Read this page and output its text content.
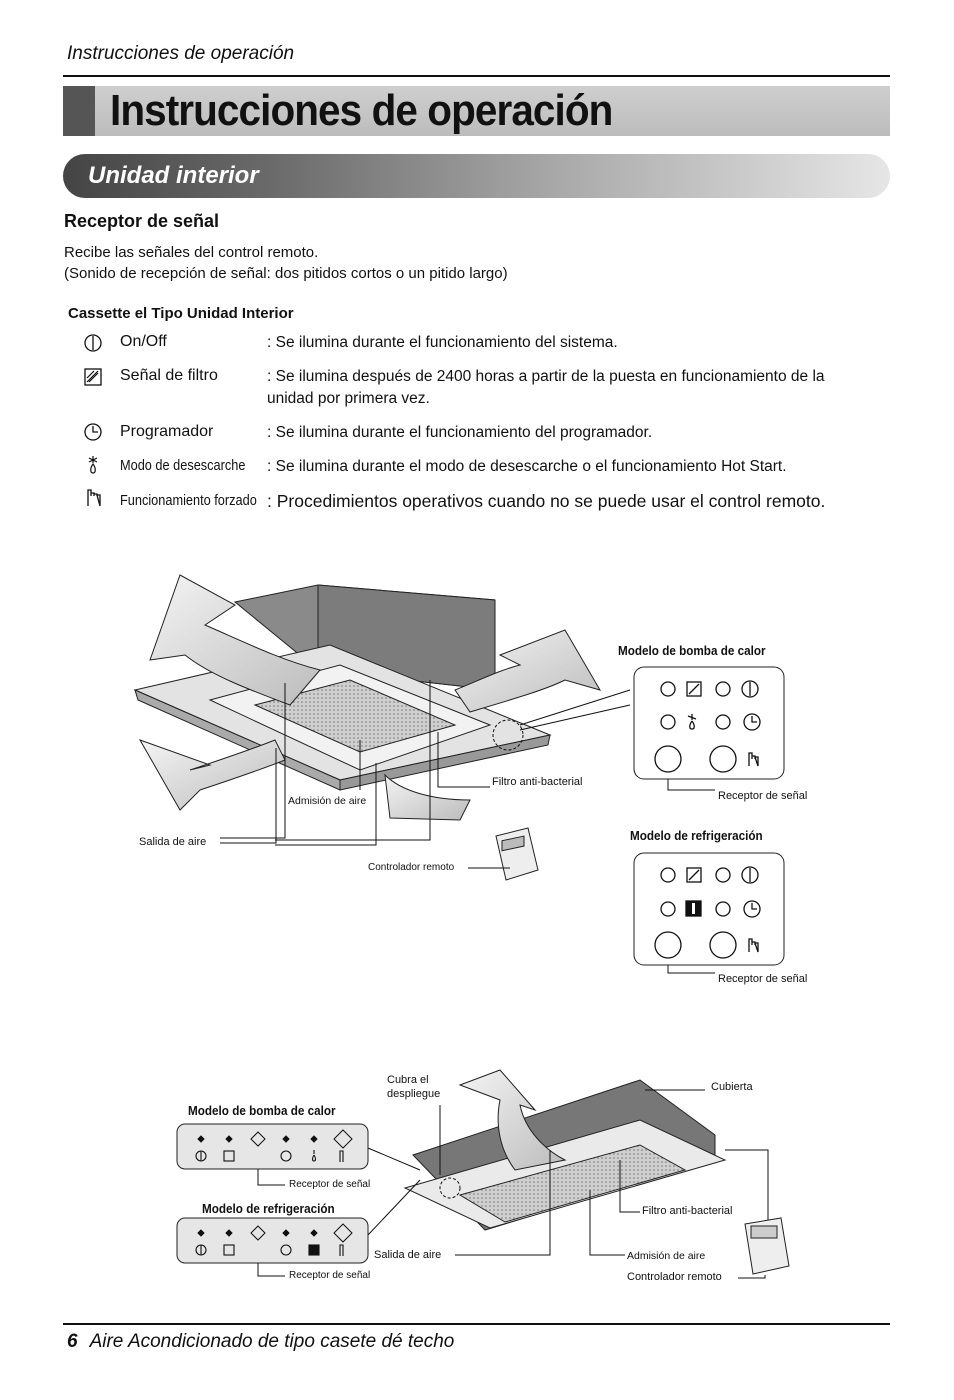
Instrucciones de operación
Instrucciones de operación
Unidad interior
Receptor de señal
Recibe las señales del control remoto.
(Sonido de recepción de señal: dos pitidos cortos o un pitido largo)
Cassette el Tipo Unidad Interior
On/Off	: Se ilumina durante el funcionamiento del sistema.
Señal de filtro	: Se ilumina después de 2400 horas a partir de la puesta en funcionamiento de la unidad por primera vez.
Programador	: Se ilumina durante el funcionamiento del programador.
Modo de desescarche : Se ilumina durante el modo de desescarche o el funcionamiento Hot Start.
Funcionamiento forzado : Procedimientos operativos cuando no se puede usar el control remoto.
Modelo de bomba de calor
Modelo de refrigeración
Receptor de señal
Receptor de señal
Filtro anti-bacterial
Admisión de aire
Salida de aire
Controlador remoto
Cubra el despliegue
Cubierta
Modelo de bomba de calor
Modelo de refrigeración
Receptor de señal
Receptor de señal
Filtro anti-bacterial
Salida de aire	Admisión de aire
Controlador remoto
6 Aire Acondicionado de tipo casete dé techo
